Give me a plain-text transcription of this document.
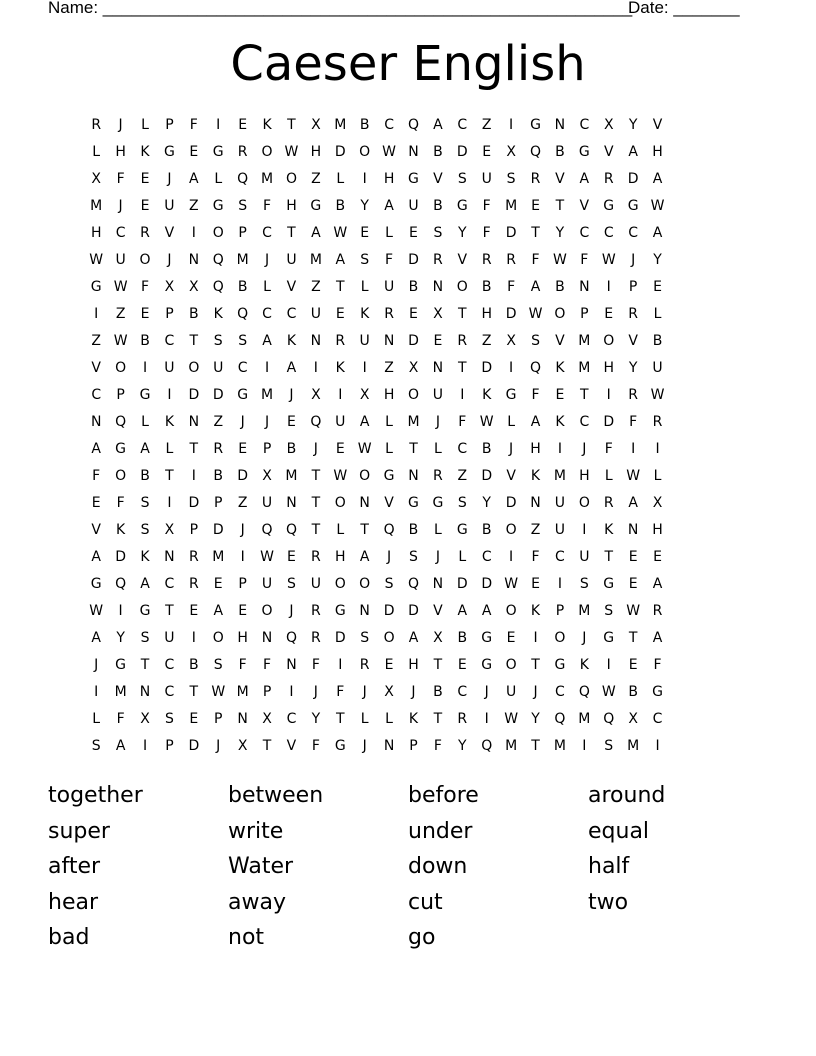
Name: ________________________________________________________
Date: _______
Caeser English
R	J	L	P	F	I	E	K	T	X M B	C	Q	A	C	Z	I	G N	C	X	Y	V
L	H	K	G	E	G	R	O W H D O W N	B	D	E	X	Q	B	G	V	A	H
X	F	E	J	A	L	Q M O	Z	L	I	H G	V	S	U	S	R	V	A	R	D	A
M	J	E	U	Z	G	S	F	H G	B	Y	A	U	B	G	F	M E	T	V	G G W
H	C	R	V	I	O	P	C	T	A W E	L	E	S	Y	F	D	T	Y	C	C	C	A
W U O	J	N Q M	J	U M A	S	F	D	R	V	R	R	F W F W	J	Y
G W F	X	X	Q	B	L	V	Z	T	L	U	B	N O	B	F	A	B	N	I	P	E
I	Z	E	P	B	K	Q	C	C	U	E	K	R	E	X	T	H D W O	P	E	R	L
Z W B	C	T	S	S	A	K	N	R	U	N D	E	R	Z	X	S	V M O	V	B
V	O	I	U O U	C	I	A	I	K	I	Z	X	N	T	D	I	Q	K M H	Y	U
C	P	G	I	D D G M	J	X	I	X	H O U	I	K	G	F	E	T	I	R W
N Q	L	K	N	Z	J	J	E	Q U	A	L	M	J	F W L	A	K	C	D	F	R
A	G	A	L	T	R	E	P	B	J	E W L	T	L	C	B	J	H	I	J	F	I	I
F	O	B	T	I	B	D	X M	T W O G N	R	Z	D	V	K M H	L W L
E	F	S	I	D	P	Z	U	N	T	O N	V	G G	S	Y	D N	U O	R	A	X
V	K	S	X	P	D	J	Q Q	T	L	T	Q	B	L	G	B	O	Z	U	I	K	N H
A	D	K	N	R M	I	W E	R	H	A	J	S	J	L	C	I	F	C	U	T	E	E
G Q	A	C	R	E	P	U	S	U O O	S	Q N D D W E	I	S	G	E	A
W	I	G	T	E	A	E	O	J	R	G N D D	V	A	A	O	K	P	M S W R
A	Y	S	U	I	O H N Q	R	D	S	O	A	X	B	G	E	I	O	J	G	T	A
J	G	T	C	B	S	F	F	N	F	I	R	E	H	T	E	G O	T	G	K	I	E	F
I	M N	C	T W M	P	I	J	F	J	X	J	B	C	J	U	J	C	Q W B	G
L	F	X	S	E	P	N	X	C	Y	T	L	L	K	T	R	I	W Y	Q M Q	X	C
S	A	I	P	D	J	X	T	V	F	G	J	N	P	F	Y	Q M	T	M	I	S M	I
together	between	before	around
super	write	under	equal
after	Water	down	half
hear	away	cut	two
bad	not	go
